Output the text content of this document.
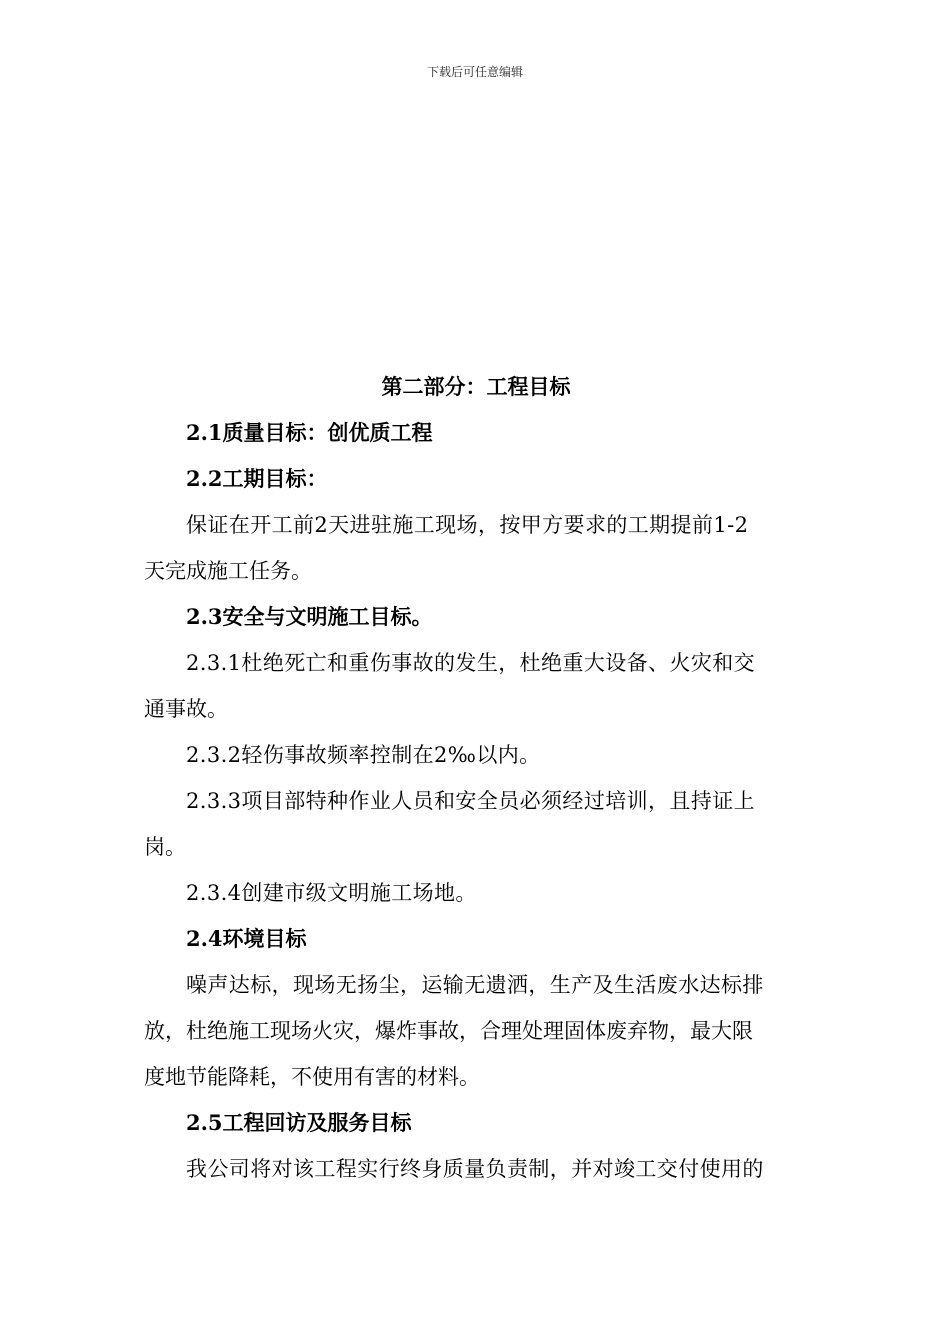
下载后可任意编辑
第二部分：工程目标
2.1质量目标：创优质工程
2.2工期目标：
保证在开工前2天进驻施工现场，按甲方要求的工期提前1-2
天完成施工任务。
2.3安全与文明施工目标。
2.3.1杜绝死亡和重伤事故的发生，杜绝重大设备、火灾和交
通事故。
2.3.2轻伤事故频率控制在2‰以内。
2.3.3项目部特种作业人员和安全员必须经过培训，且持证上
岗。
2.3.4创建市级文明施工场地。
2.4环境目标
噪声达标，现场无扬尘，运输无遗洒，生产及生活废水达标排
放，杜绝施工现场火灾，爆炸事故，合理处理固体废弃物，最大限
度地节能降耗，不使用有害的材料。
2.5工程回访及服务目标
我公司将对该工程实行终身质量负责制，并对竣工交付使用的
